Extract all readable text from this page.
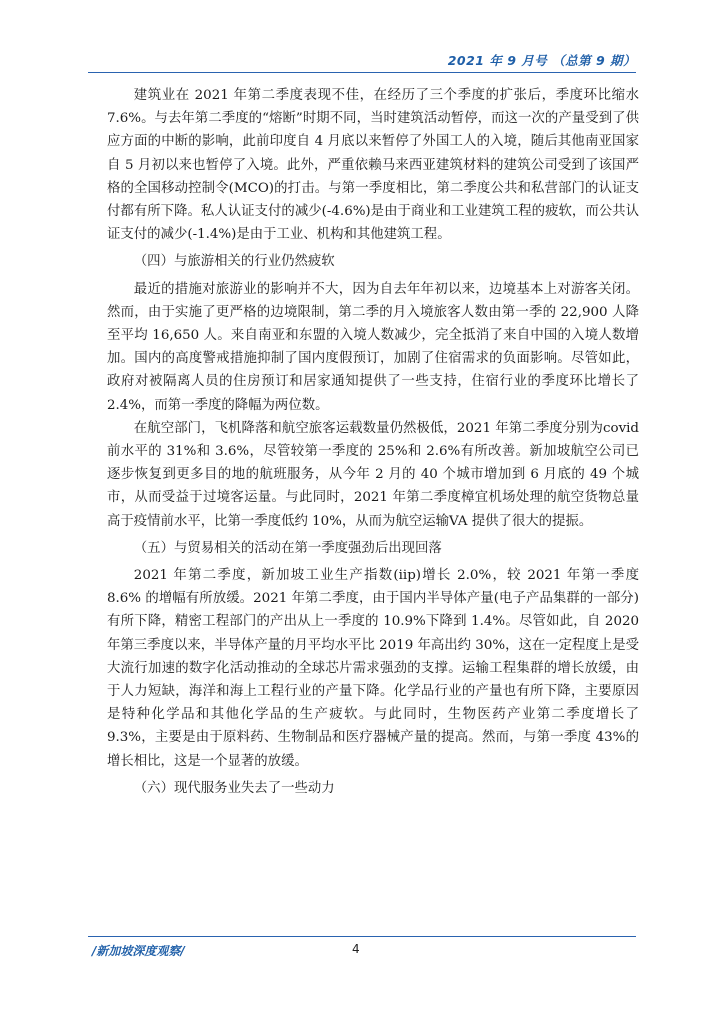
2021 年 9 月号 （总第 9 期）

建筑业在 2021 年第二季度表现不佳，在经历了三个季度的扩张后，季度环比缩水 7.6%。与去年第二季度的“熔断”时期不同，当时建筑活动暂停，而这一次的产量受到了供应方面的中断的影响，此前印度自 4 月底以来暂停了外国工人的入境，随后其他南亚国家自 5 月初以来也暂停了入境。此外，严重依赖马来西亚建筑材料的建筑公司受到了该国严格的全国移动控制令(MCO)的打击。与第一季度相比，第二季度公共和私营部门的认证支付都有所下降。私人认证支付的减少(-4.6%)是由于商业和工业建筑工程的疲软，而公共认证支付的减少(-1.4%)是由于工业、机构和其他建筑工程。

（四）与旅游相关的行业仍然疲软

最近的措施对旅游业的影响并不大，因为自去年年初以来，边境基本上对游客关闭。然而，由于实施了更严格的边境限制，第二季的月入境旅客人数由第一季的 22,900 人降至平均 16,650 人。来自南亚和东盟的入境人数减少，完全抵消了来自中国的入境人数增加。国内的高度警戒措施抑制了国内度假预订，加剧了住宿需求的负面影响。尽管如此，政府对被隔离人员的住房预订和居家通知提供了一些支持，住宿行业的季度环比增长了 2.4%，而第一季度的降幅为两位数。

在航空部门，飞机降落和航空旅客运载数量仍然极低，2021 年第二季度分别为covid 前水平的 31%和 3.6%，尽管较第一季度的 25%和 2.6%有所改善。新加坡航空公司已逐步恢复到更多目的地的航班服务，从今年 2 月的 40 个城市增加到 6 月底的 49 个城市，从而受益于过境客运量。与此同时，2021 年第二季度樟宜机场处理的航空货物总量高于疫情前水平，比第一季度低约 10%，从而为航空运输VA 提供了很大的提振。

（五）与贸易相关的活动在第一季度强劲后出现回落

2021 年第二季度，新加坡工业生产指数(iip)增长 2.0%，较 2021 年第一季度 8.6% 的增幅有所放缓。2021 年第二季度，由于国内半导体产量(电子产品集群的一部分)有所下降，精密工程部门的产出从上一季度的 10.9%下降到 1.4%。尽管如此，自 2020 年第三季度以来，半导体产量的月平均水平比 2019 年高出约 30%，这在一定程度上是受大流行加速的数字化活动推动的全球芯片需求强劲的支撑。运输工程集群的增长放缓，由于人力短缺，海洋和海上工程行业的产量下降。化学品行业的产量也有所下降，主要原因是特种化学品和其他化学品的生产疲软。与此同时，生物医药产业第二季度增长了 9.3%，主要是由于原料药、生物制品和医疗器械产量的提高。然而，与第一季度 43%的增长相比，这是一个显著的放缓。

（六）现代服务业失去了一些动力

/新加坡深度观察/	4
